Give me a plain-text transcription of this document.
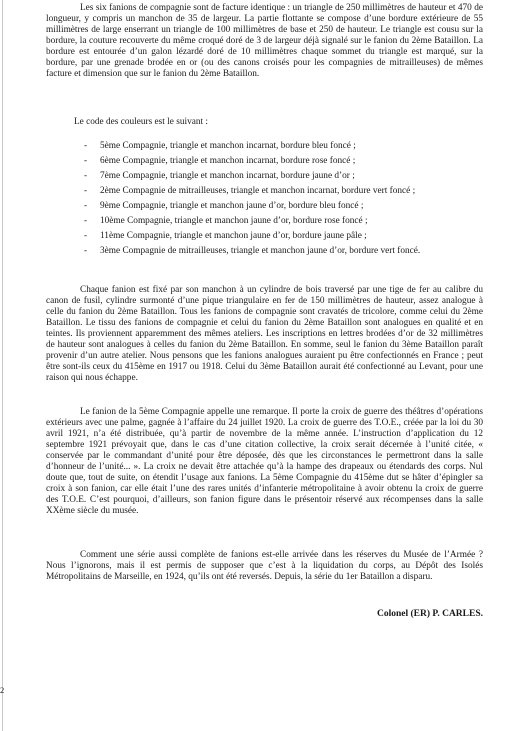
Les six fanions de compagnie sont de facture identique : un triangle de 250 millimètres de hauteur et 470 de longueur, y compris un manchon de 35 de largeur. La partie flottante se compose d’une bordure extérieure de 55 millimètres de large enserrant un triangle de 100 millimètres de base et 250 de hauteur. Le triangle est cousu sur la bordure, la couture recouverte du même croqué doré de 3 de largeur déjà signalé sur le fanion du 2ème Bataillon. La bordure est entourée d’un galon lézardé doré de 10 millimètres chaque sommet du triangle est marqué, sur la bordure, par une grenade brodée en or (ou des canons croisés pour les compagnies de mitrailleuses) de mêmes facture et dimension que sur le fanion du 2ème Bataillon.

Le code des couleurs est le suivant :
- 5ème Compagnie, triangle et manchon incarnat, bordure bleu foncé ;
- 6ème Compagnie, triangle et manchon incarnat, bordure rose foncé ;
- 7ème Compagnie, triangle et manchon incarnat, bordure jaune d’or ;
- 2ème Compagnie de mitrailleuses, triangle et manchon incarnat, bordure vert foncé ;
- 9ème Compagnie, triangle et manchon jaune d’or, bordure bleu foncé ;
- 10ème Compagnie, triangle et manchon jaune d’or, bordure rose foncé ;
- 11ème Compagnie, triangle et manchon jaune d’or, bordure jaune pâle ;
- 3ème Compagnie de mitrailleuses, triangle et manchon jaune d’or, bordure vert foncé.

Chaque fanion est fixé par son manchon à un cylindre de bois traversé par une tige de fer au calibre du canon de fusil, cylindre surmonté d’une pique triangulaire en fer de 150 millimètres de hauteur, assez analogue à celle du fanion du 2ème Bataillon. Tous les fanions de compagnie sont cravatés de tricolore, comme celui du 2ème Bataillon. Le tissu des fanions de compagnie et celui du fanion du 2ème Bataillon sont analogues en qualité et en teintes. Ils proviennent apparemment des mêmes ateliers. Les inscriptions en lettres brodées d’or de 32 millimètres de hauteur sont analogues à celles du fanion du 2ème Bataillon. En somme, seul le fanion du 3ème Bataillon paraît provenir d’un autre atelier. Nous pensons que les fanions analogues auraient pu être confectionnés en France ; peut être sont-ils ceux du 415ème en 1917 ou 1918. Celui du 3ème Bataillon aurait été confectionné au Levant, pour une raison qui nous échappe.

Le fanion de la 5ème Compagnie appelle une remarque. Il porte la croix de guerre des théâtres d’opérations extérieurs avec une palme, gagnée à l’affaire du 24 juillet 1920. La croix de guerre des T.O.E., créée par la loi du 30 avril 1921, n’a été distribuée, qu’à partir de novembre de la même année. L’instruction d’application du 12 septembre 1921 prévoyait que, dans le cas d’une citation collective, la croix serait décernée à l’unité citée, « conservée par le commandant d’unité pour être déposée, dès que les circonstances le permettront dans la salle d’honneur de l’unité... ». La croix ne devait être attachée qu’à la hampe des drapeaux ou étendards des corps. Nul doute que, tout de suite, on étendit l’usage aux fanions. La 5ème Compagnie du 415ème dut se hâter d’épingler sa croix à son fanion, car elle était l’une des rares unités d’infanterie métropolitaine à avoir obtenu la croix de guerre des T.O.E. C’est pourquoi, d’ailleurs, son fanion figure dans le présentoir réservé aux récompenses dans la salle XXème siècle du musée.

Comment une série aussi complète de fanions est-elle arrivée dans les réserves du Musée de l’Armée ? Nous l’ignorons, mais il est permis de supposer que c’est à la liquidation du corps, au Dépôt des Isolés Métropolitains de Marseille, en 1924, qu’ils ont été reversés. Depuis, la série du 1er Bataillon a disparu.

Colonel (ER) P. CARLES.
2
